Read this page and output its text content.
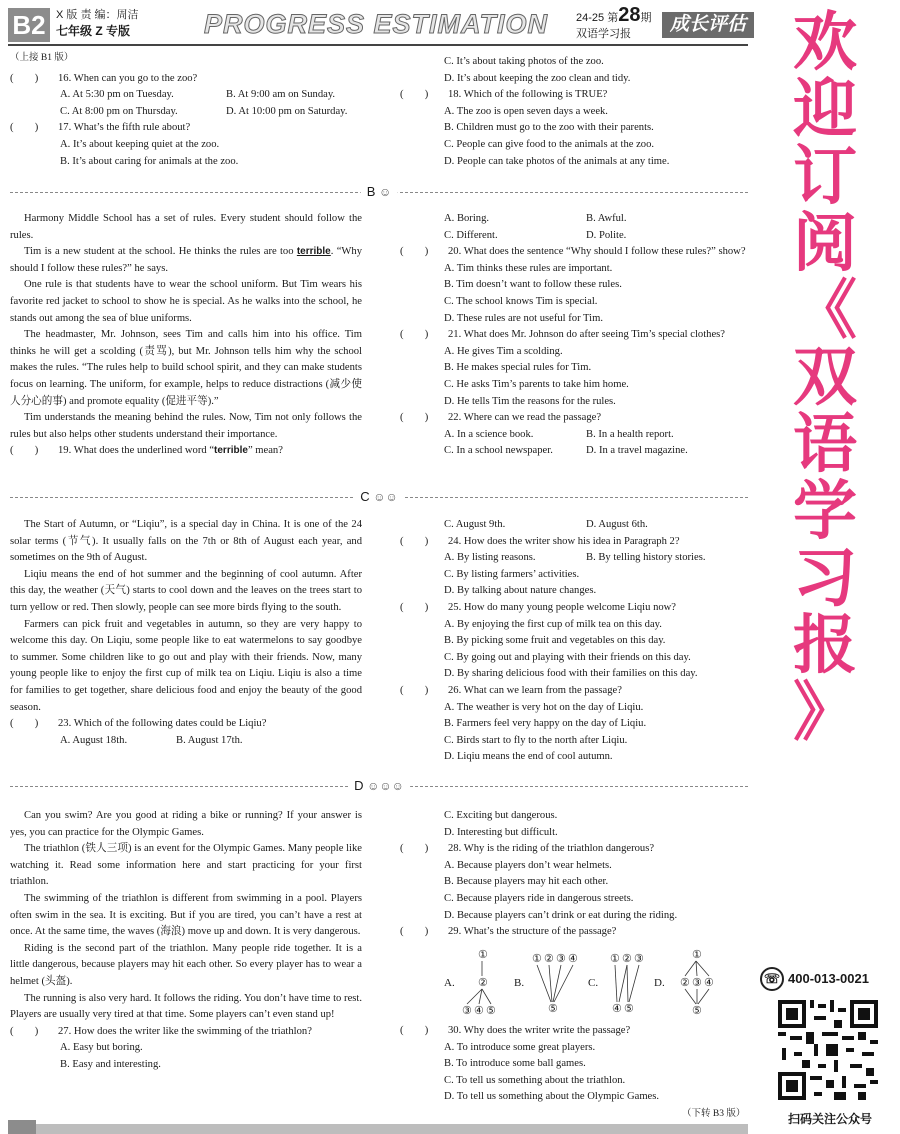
B2 X 版 责 编：周洁
七年级 Z 专版	PROGRESS ESTIMATION	24-25 第28期
双语学习报	成长评估
（上接 B1 版）
(　　) 16. When can you go to the zoo?
A. At 5:30 pm on Tuesday.	B. At 9:00 am on Sunday.
C. At 8:00 pm on Thursday.	D. At 10:00 pm on Saturday.
(　　) 17. What’s the fifth rule about?
A. It’s about keeping quiet at the zoo.
B. It’s about caring for animals at the zoo.
C. It’s about taking photos of the zoo.
D. It’s about keeping the zoo clean and tidy.
(　　) 18. Which of the following is TRUE?
A. The zoo is open seven days a week.
B. Children must go to the zoo with their parents.
C. People can give food to the animals at the zoo.
D. People can take photos of the animals at any time.
B ☺
Harmony Middle School has a set of rules. Every student should follow the rules.
Tim is a new student at the school. He thinks the rules are too terrible. “Why should I follow these rules?” he says.
One rule is that students have to wear the school uniform. But Tim wears his favorite red jacket to school to show he is special. As he walks into the school, he stands out among the sea of blue uniforms.
The headmaster, Mr. Johnson, sees Tim and calls him into his office. Tim thinks he will get a scolding (责骂), but Mr. Johnson tells him why the school makes the rules. “The rules help to build school spirit, and they can make students focus on learning. The uniform, for example, helps to reduce distractions (减少使人分心的事) and promote equality (促进平等).”
Tim understands the meaning behind the rules. Now, Tim not only follows the rules but also helps other students understand their importance.
(　　) 19. What does the underlined word “terrible” mean?
A. Boring.	B. Awful.
C. Different.	D. Polite.
(　　) 20. What does the sentence “Why should I follow these rules?” show?
A. Tim thinks these rules are important.
B. Tim doesn’t want to follow these rules.
C. The school knows Tim is special.
D. These rules are not useful for Tim.
(　　) 21. What does Mr. Johnson do after seeing Tim’s special clothes?
A. He gives Tim a scolding.
B. He makes special rules for Tim.
C. He asks Tim’s parents to take him home.
D. He tells Tim the reasons for the rules.
(　　) 22. Where can we read the passage?
A. In a science book.	B. In a health report.
C. In a school newspaper.	D. In a travel magazine.
C ☺☺
The Start of Autumn, or “Liqiu”, is a special day in China. It is one of the 24 solar terms (节气). It usually falls on the 7th or 8th of August each year, and sometimes on the 9th of August.
Liqiu means the end of hot summer and the beginning of cool autumn. After this day, the weather (天气) starts to cool down and the leaves on the trees start to turn yellow or red. Then slowly, people can see more birds flying to the south.
Farmers can pick fruit and vegetables in autumn, so they are very happy to welcome this day. On Liqiu, some people like to eat watermelons to say goodbye to summer. Some children like to go out and play with their friends. Now, many young people like to enjoy the first cup of milk tea on Liqiu. Liqiu is also a time for families to get together, share delicious food and enjoy the beauty of the good season.
(　　) 23. Which of the following dates could be Liqiu?
A. August 18th.	B. August 17th.
C. August 9th.	D. August 6th.
(　　) 24. How does the writer show his idea in Paragraph 2?
A. By listing reasons.	B. By telling history stories.
C. By listing farmers’ activities.
D. By talking about nature changes.
(　　) 25. How do many young people welcome Liqiu now?
A. By enjoying the first cup of milk tea on this day.
B. By picking some fruit and vegetables on this day.
C. By going out and playing with their friends on this day.
D. By sharing delicious food with their families on this day.
(　　) 26. What can we learn from the passage?
A. The weather is very hot on the day of Liqiu.
B. Farmers feel very happy on the day of Liqiu.
C. Birds start to fly to the north after Liqiu.
D. Liqiu means the end of cool autumn.
D ☺☺☺
Can you swim? Are you good at riding a bike or running? If your answer is yes, you can practice for the Olympic Games.
The triathlon (铁人三项) is an event for the Olympic Games. Many people like watching it. Read some information here and start practicing for your first triathlon.
The swimming of the triathlon is different from swimming in a pool. Players often swim in the sea. It is exciting. But if you are tired, you can’t have a rest at once. At the same time, the waves (海浪) move up and down. It is very dangerous.
Riding is the second part of the triathlon. Many people ride together. It is a little dangerous, because players may hit each other. So every player has to wear a helmet (头盔).
The running is also very hard. It follows the riding. You don’t have time to rest. Players are usually very tired at that time. Some players can’t even stand up!
(　　) 27. How does the writer like the swimming of the triathlon?
A. Easy but boring.
B. Easy and interesting.
C. Exciting but dangerous.
D. Interesting but difficult.
(　　) 28. Why is the riding of the triathlon dangerous?
A. Because players don’t wear helmets.
B. Because players may hit each other.
C. Because players ride in dangerous streets.
D. Because players can’t drink or eat during the riding.
(　　) 29. What’s the structure of the passage?
A.
①
②
③ ④ ⑤
B.
① ② ③ ④
⑤
C.
① ② ③
④ ⑤
D.
①
② ③ ④
⑤
(　　) 30. Why does the writer write the passage?
A. To introduce some great players.
B. To introduce some ball games.
C. To tell us something about the triathlon.
D. To tell us something about the Olympic Games.
（下转 B3 版）
欢
迎
订
阅
《
双
语
学
习
报
》
☏ 400-013-0021
扫码关注公众号
